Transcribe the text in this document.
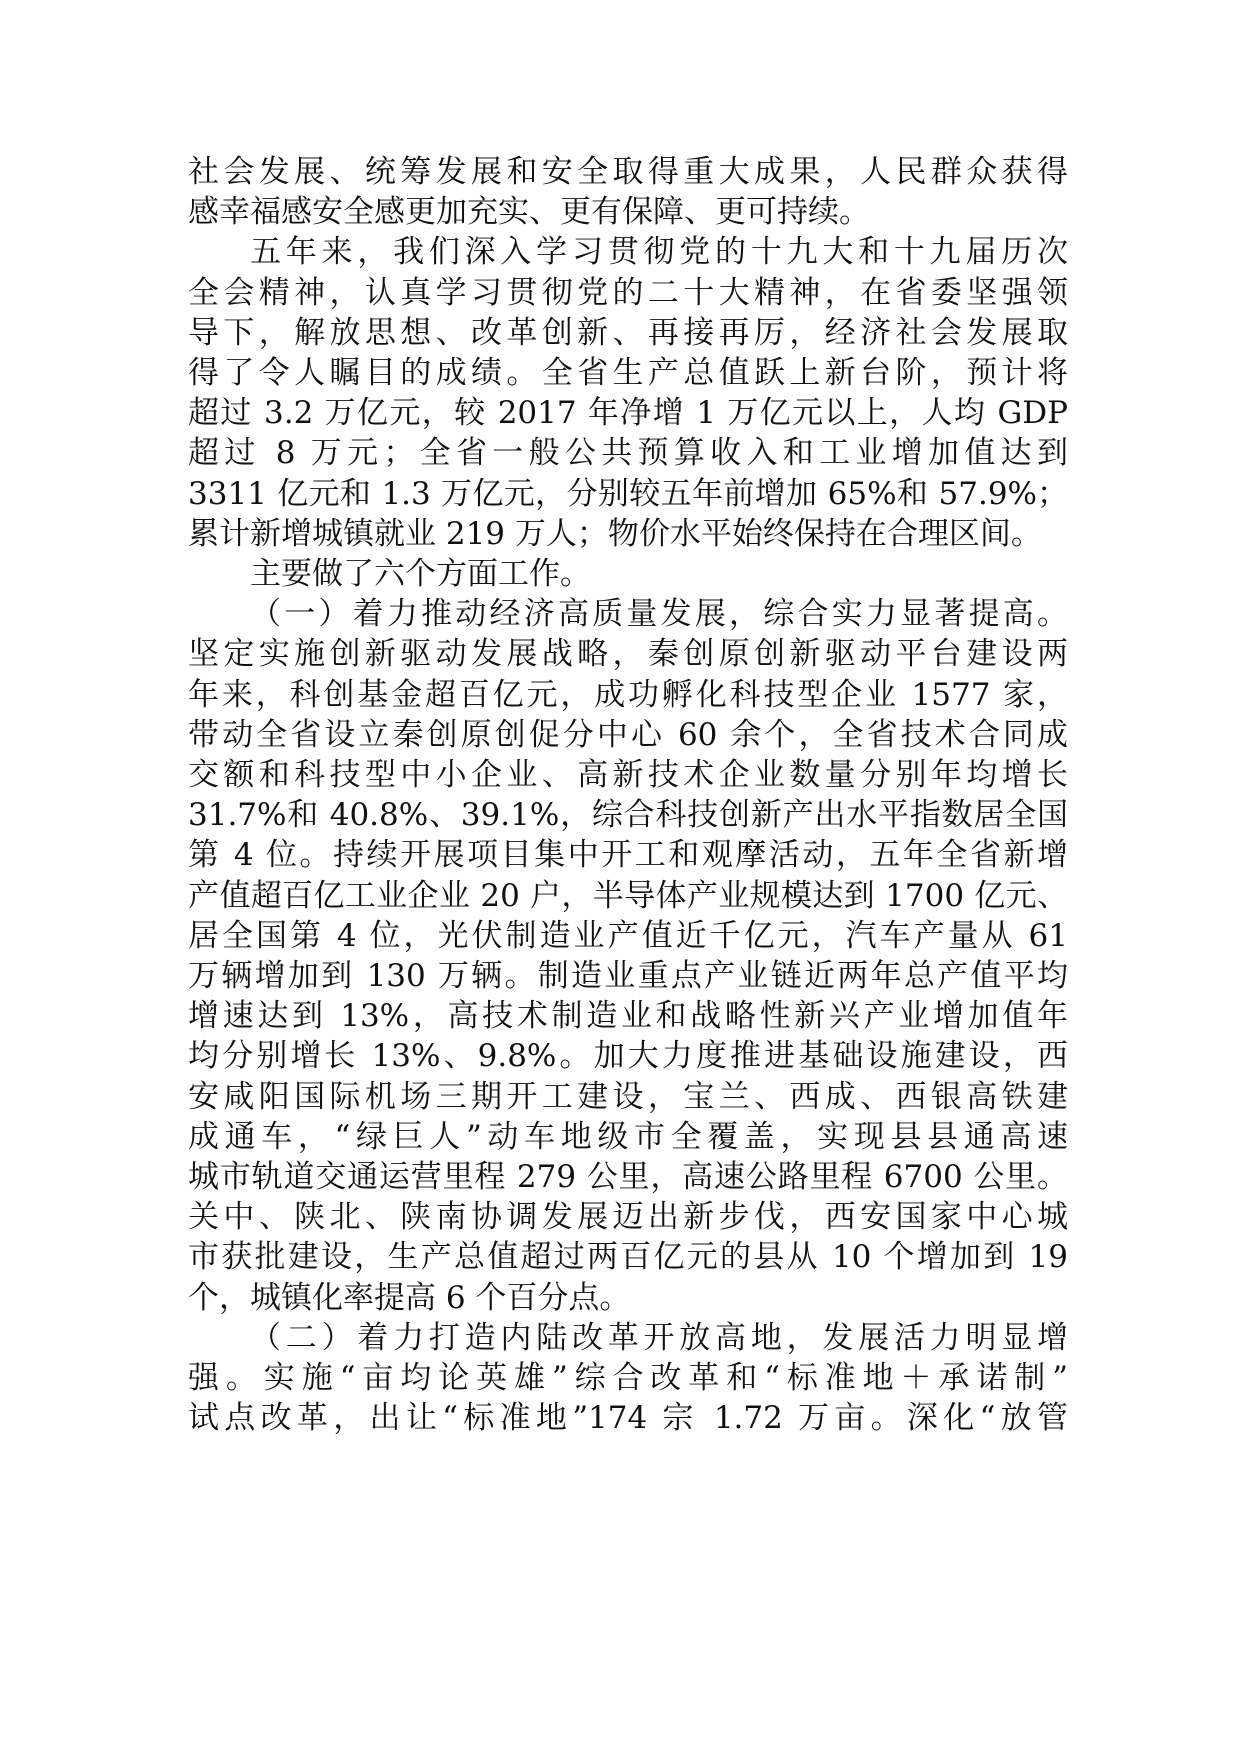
社会发展、统筹发展和安全取得重大成果，人民群众获得
感幸福感安全感更加充实、更有保障、更可持续。
五年来，我们深入学习贯彻党的十九大和十九届历次
全会精神，认真学习贯彻党的二十大精神，在省委坚强领
导下，解放思想、改革创新、再接再厉，经济社会发展取
得了令人瞩目的成绩。全省生产总值跃上新台阶，预计将
超过 3.2 万亿元，较 2017 年净增 1 万亿元以上，人均 GDP
超过 8 万元；全省一般公共预算收入和工业增加值达到
3311 亿元和 1.3 万亿元，分别较五年前增加 65%和 57.9%；
累计新增城镇就业 219 万人；物价水平始终保持在合理区间。
主要做了六个方面工作。
（一）着力推动经济高质量发展，综合实力显著提高。
坚定实施创新驱动发展战略，秦创原创新驱动平台建设两
年来，科创基金超百亿元，成功孵化科技型企业 1577 家，
带动全省设立秦创原创促分中心 60 余个，全省技术合同成
交额和科技型中小企业、高新技术企业数量分别年均增长
31.7%和 40.8%、39.1%，综合科技创新产出水平指数居全国
第 4 位。持续开展项目集中开工和观摩活动，五年全省新增
产值超百亿工业企业 20 户，半导体产业规模达到 1700 亿元、
居全国第 4 位，光伏制造业产值近千亿元，汽车产量从 61
万辆增加到 130 万辆。制造业重点产业链近两年总产值平均
增速达到 13%，高技术制造业和战略性新兴产业增加值年
均分别增长 13%、9.8%。加大力度推进基础设施建设，西
安咸阳国际机场三期开工建设，宝兰、西成、西银高铁建
成通车，“绿巨人”动车地级市全覆盖，实现县县通高速
城市轨道交通运营里程 279 公里，高速公路里程 6700 公里。
关中、陕北、陕南协调发展迈出新步伐，西安国家中心城
市获批建设，生产总值超过两百亿元的县从 10 个增加到 19
个，城镇化率提高 6 个百分点。
（二）着力打造内陆改革开放高地，发展活力明显增
强。实施“亩均论英雄”综合改革和“标准地＋承诺制”
试点改革，出让“标准地”174 宗 1.72 万亩。深化“放管
